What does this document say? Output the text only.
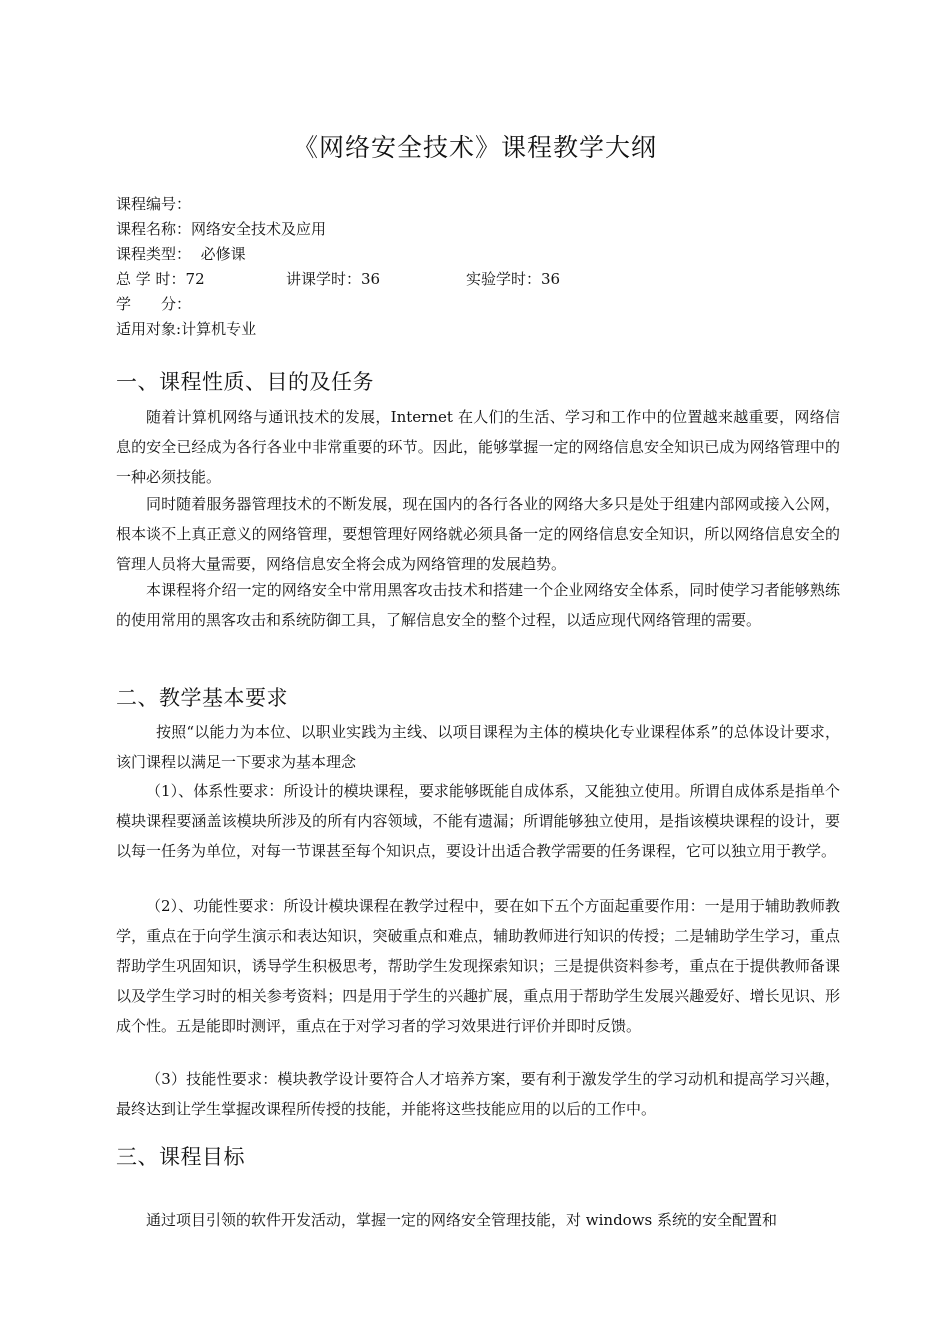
《网络安全技术》课程教学大纲
课程编号：
课程名称：网络安全技术及应用
课程类型： 必修课
总 学 时：72	讲课学时：36	实验学时：36
学　　分：
适用对象:计算机专业
一、课程性质、目的及任务

随着计算机网络与通讯技术的发展，Internet 在人们的生活、学习和工作中的位置越来越重要，网络信息的安全已经成为各行各业中非常重要的环节。因此，能够掌握一定的网络信息安全知识已成为网络管理中的一种必须技能。

同时随着服务器管理技术的不断发展，现在国内的各行各业的网络大多只是处于组建内部网或接入公网，根本谈不上真正意义的网络管理，要想管理好网络就必须具备一定的网络信息安全知识，所以网络信息安全的管理人员将大量需要，网络信息安全将会成为网络管理的发展趋势。

本课程将介绍一定的网络安全中常用黑客攻击技术和搭建一个企业网络安全体系，同时使学习者能够熟练的使用常用的黑客攻击和系统防御工具，了解信息安全的整个过程，以适应现代网络管理的需要。

二、教学基本要求

按照“以能力为本位、以职业实践为主线、以项目课程为主体的模块化专业课程体系”的总体设计要求，该门课程以满足一下要求为基本理念

（1）、体系性要求：所设计的模块课程，要求能够既能自成体系，又能独立使用。所谓自成体系是指单个模块课程要涵盖该模块所涉及的所有内容领域，不能有遗漏；所谓能够独立使用，是指该模块课程的设计，要以每一任务为单位，对每一节课甚至每个知识点，要设计出适合教学需要的任务课程，它可以独立用于教学。

（2）、功能性要求：所设计模块课程在教学过程中，要在如下五个方面起重要作用：一是用于辅助教师教学，重点在于向学生演示和表达知识，突破重点和难点，辅助教师进行知识的传授；二是辅助学生学习，重点帮助学生巩固知识，诱导学生积极思考，帮助学生发现探索知识；三是提供资料参考，重点在于提供教师备课以及学生学习时的相关参考资料；四是用于学生的兴趣扩展，重点用于帮助学生发展兴趣爱好、增长见识、形成个性。五是能即时测评，重点在于对学习者的学习效果进行评价并即时反馈。

（3）技能性要求：模块教学设计要符合人才培养方案，要有利于激发学生的学习动机和提高学习兴趣，最终达到让学生掌握改课程所传授的技能，并能将这些技能应用的以后的工作中。

三、课程目标

通过项目引领的软件开发活动，掌握一定的网络安全管理技能，对 windows 系统的安全配置和
